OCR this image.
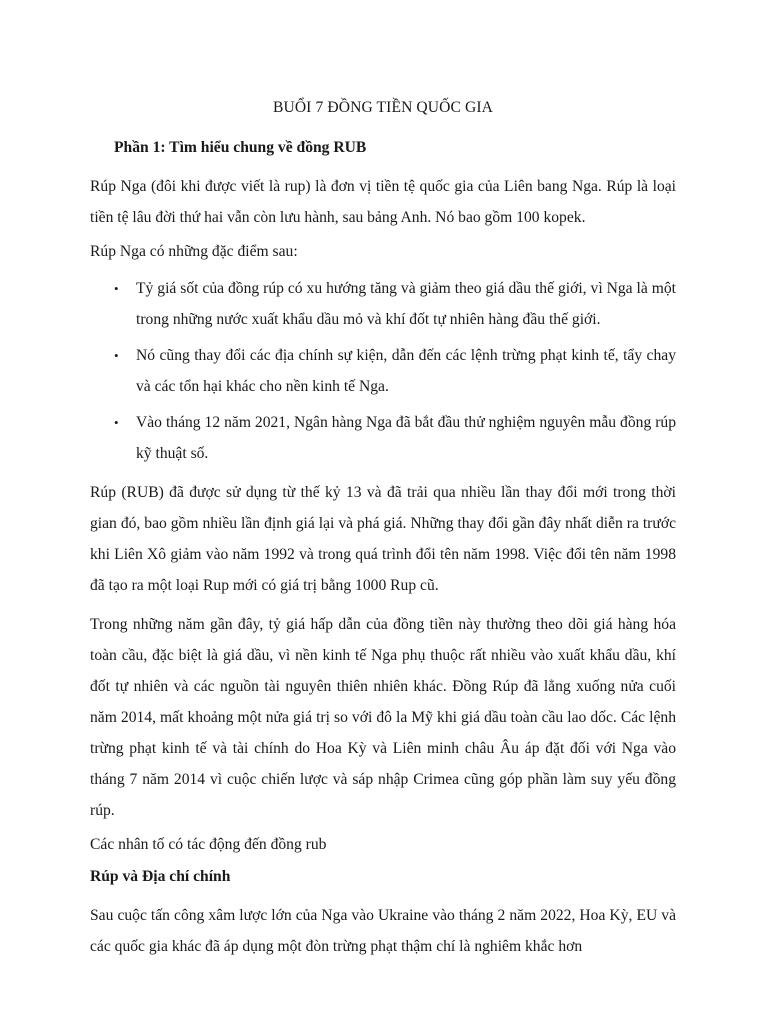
BUỔI 7 ĐỒNG TIỀN QUỐC GIA
Phần 1: Tìm hiểu chung về đồng RUB

Rúp Nga (đôi khi được viết là rup) là đơn vị tiền tệ quốc gia của Liên bang Nga. Rúp là loại tiền tệ lâu đời thứ hai vẫn còn lưu hành, sau bảng Anh. Nó bao gồm 100 kopek.

Rúp Nga có những đặc điểm sau:

• Tỷ giá sốt của đồng rúp có xu hướng tăng và giảm theo giá dầu thế giới, vì Nga là một trong những nước xuất khẩu dầu mỏ và khí đốt tự nhiên hàng đầu thế giới.
• Nó cũng thay đổi các địa chính sự kiện, dẫn đến các lệnh trừng phạt kinh tế, tẩy chay và các tổn hại khác cho nền kinh tế Nga.
• Vào tháng 12 năm 2021, Ngân hàng Nga đã bắt đầu thử nghiệm nguyên mẫu đồng rúp kỹ thuật số.

Rúp (RUB) đã được sử dụng từ thế kỷ 13 và đã trải qua nhiều lần thay đổi mới trong thời gian đó, bao gồm nhiều lần định giá lại và phá giá. Những thay đổi gần đây nhất diễn ra trước khi Liên Xô giảm vào năm 1992 và trong quá trình đổi tên năm 1998. Việc đổi tên năm 1998 đã tạo ra một loại Rup mới có giá trị bằng 1000 Rup cũ.

Trong những năm gần đây, tỷ giá hấp dẫn của đồng tiền này thường theo dõi giá hàng hóa toàn cầu, đặc biệt là giá dầu, vì nền kinh tế Nga phụ thuộc rất nhiều vào xuất khẩu dầu, khí đốt tự nhiên và các nguồn tài nguyên thiên nhiên khác. Đồng Rúp đã lẳng xuống nửa cuối năm 2014, mất khoảng một nửa giá trị so với đô la Mỹ khi giá dầu toàn cầu lao dốc. Các lệnh trừng phạt kinh tế và tài chính do Hoa Kỳ và Liên minh châu Âu áp đặt đối với Nga vào tháng 7 năm 2014 vì cuộc chiến lược và sáp nhập Crimea cũng góp phần làm suy yếu đồng rúp.

Các nhân tố có tác động đến đồng rub

Rúp và Địa chí chính

Sau cuộc tấn công xâm lược lớn của Nga vào Ukraine vào tháng 2 năm 2022, Hoa Kỳ, EU và các quốc gia khác đã áp dụng một đòn trừng phạt thậm chí là nghiêm khắc hơn
